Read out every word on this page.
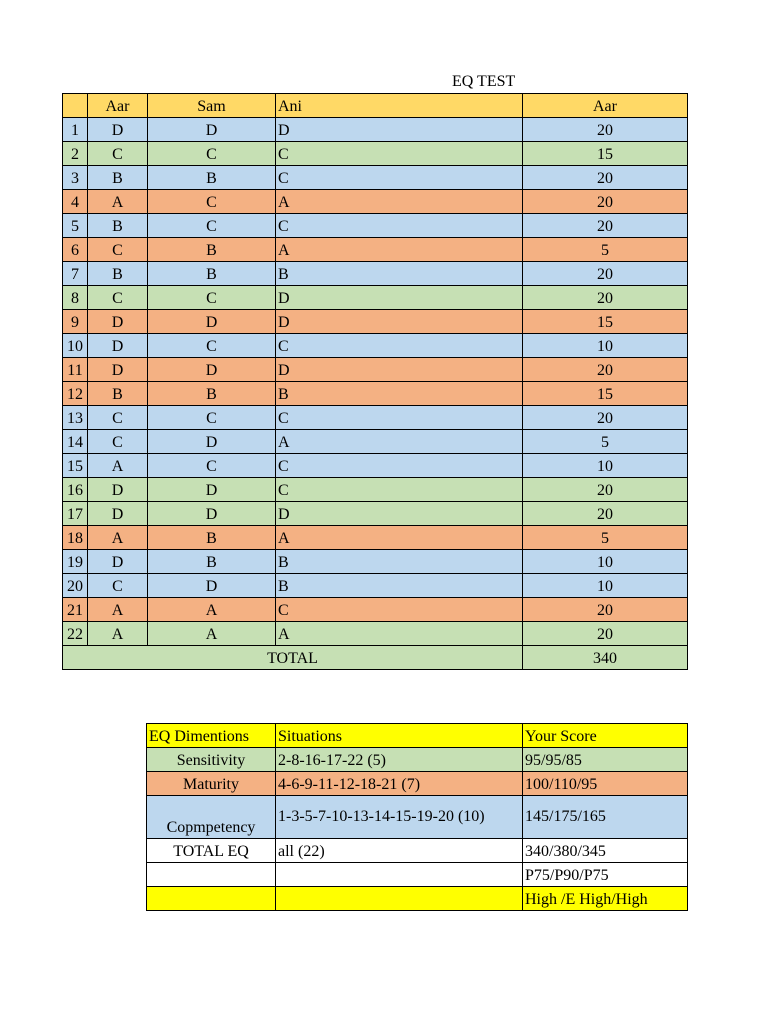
EQ TEST
	Aar	Sam	Ani	Aar
1	D	D	D	20
2	C	C	C	15
3	B	B	C	20
4	A	C	A	20
5	B	C	C	20
6	C	B	A	5
7	B	B	B	20
8	C	C	D	20
9	D	D	D	15
10	D	C	C	10
11	D	D	D	20
12	B	B	B	15
13	C	C	C	20
14	C	D	A	5
15	A	C	C	10
16	D	D	C	20
17	D	D	D	20
18	A	B	A	5
19	D	B	B	10
20	C	D	B	10
21	A	A	C	20
22	A	A	A	20
TOTAL				340
EQ Dimentions	Situations	Your Score
Sensitivity	2-8-16-17-22 (5)	95/95/85
Maturity	4-6-9-11-12-18-21 (7)	100/110/95
Copmpetency	1-3-5-7-10-13-14-15-19-20 (10)	145/175/165
TOTAL EQ	all (22)	340/380/345
		P75/P90/P75
		High /E High/High
